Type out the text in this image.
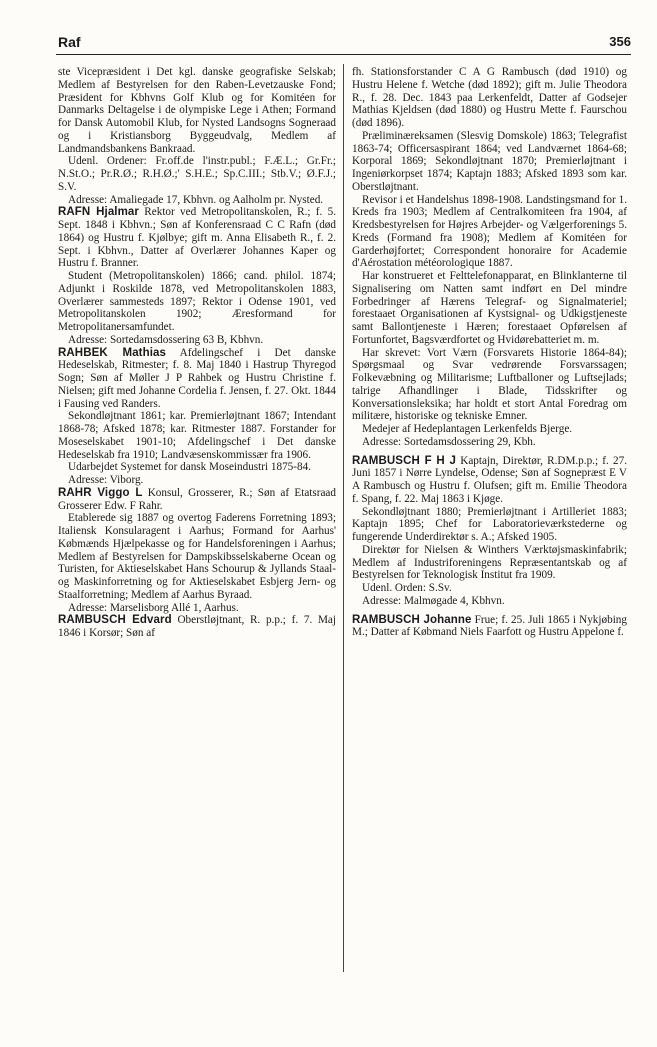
Raf	356

ste Vicepræsident i Det kgl. danske geografiske Selskab; Medlem af Bestyrelsen for den Raben-Levetzauske Fond; Præsident for Kbhvns Golf Klub og for Komitéen for Danmarks Deltagelse i de olympiske Lege i Athen; Formand for Dansk Automobil Klub, for Nysted Landsogns Sogneraad og i Kristiansborg Byggeudvalg, Medlem af Landmandsbankens Bankraad.

Udenl. Ordener: Fr.off.de l'instr.publ.; F.Æ.L.; Gr.Fr.; N.St.O.; Pr.R.Ø.; R.H.Ø.;' S.H.E.; Sp.C.III.; Stb.V.; Ø.F.J.; S.V.

Adresse: Amaliegade 17, Kbhvn. og Aalholm pr. Nysted.

RAFN Hjalmar Rektor ved Metropolitanskolen, R.; f. 5. Sept. 1848 i Kbhvn.; Søn af Konferensraad C C Rafn (død 1864) og Hustru f. Kjølbye; gift m. Anna Elisabeth R., f. 2. Sept. i Kbhvn., Datter af Overlærer Johannes Kaper og Hustru f. Branner.

Student (Metropolitanskolen) 1866; cand. philol. 1874; Adjunkt i Roskilde 1878, ved Metropolitanskolen 1883, Overlærer sammesteds 1897; Rektor i Odense 1901, ved Metropolitanskolen 1902; Æresformand for Metropolitanersamfundet.

Adresse: Sortedamsdossering 63 B, Kbhvn.

RAHBEK Mathias Afdelingschef i Det danske Hedeselskab, Ritmester; f. 8. Maj 1840 i Hastrup Thyregod Sogn; Søn af Møller J P Rahbek og Hustru Christine f. Nielsen; gift med Johanne Cordelia f. Jensen, f. 27. Okt. 1844 i Fausing ved Randers.

Sekondløjtnant 1861; kar. Premierløjtnant 1867; Intendant 1868-78; Afsked 1878; kar. Ritmester 1887. Forstander for Moseselskabet 1901-10; Afdelingschef i Det danske Hedeselskab fra 1910; Landvæsenskommissær fra 1906.

Udarbejdet Systemet for dansk Moseindustri 1875-84.

Adresse: Viborg.

RAHR Viggo L Konsul, Grosserer, R.; Søn af Etatsraad Grosserer Edw. F Rahr.

Etablerede sig 1887 og overtog Faderens Forretning 1893; Italiensk Konsularagent i Aarhus; Formand for Aarhus' Købmænds Hjælpekasse og for Handelsforeningen i Aarhus; Medlem af Bestyrelsen for Dampskibsselskaberne Ocean og Turisten, for Aktieselskabet Hans Schourup & Jyllands Staal- og Maskinforretning og for Aktieselskabet Esbjerg Jern- og Staalforretning; Medlem af Aarhus Byraad.

Adresse: Marselisborg Allé 1, Aarhus.

RAMBUSCH Edvard Oberstløjtnant, R. p.p.; f. 7. Maj 1846 i Korsør; Søn af

fh. Stationsforstander C A G Rambusch (død 1910) og Hustru Helene f. Wetche (død 1892); gift m. Julie Theodora R., f. 28. Dec. 1843 paa Lerkenfeldt, Datter af Godsejer Mathias Kjeldsen (død 1880) og Hustru Mette f. Faurschou (død 1896).

Præliminæreksamen (Slesvig Domskole) 1863; Telegrafist 1863-74; Officersaspirant 1864; ved Landværnet 1864-68; Korporal 1869; Sekondløjtnant 1870; Premierløjtnant i Ingeniørkorpset 1874; Kaptajn 1883; Afsked 1893 som kar. Oberstløjtnant.

Revisor i et Handelshus 1898-1908. Landstingsmand for 1. Kreds fra 1903; Medlem af Centralkomiteen fra 1904, af Kredsbestyrelsen for Højres Arbejder- og Vælgerforenings 5. Kreds (Formand fra 1908); Medlem af Komitéen for Garderhøjfortet; Correspondent honoraire for Academie d'Aérostation météorologique 1887.

Har konstrueret et Felttelefonapparat, en Blinklanterne til Signalisering om Natten samt indført en Del mindre Forbedringer af Hærens Telegraf- og Signalmateriel; forestaaet Organisationen af Kystsignal- og Udkigstjeneste samt Ballontjeneste i Hæren; forestaaet Opførelsen af Fortunfortet, Bagsværdfortet og Hvidørebatteriet m. m.

Har skrevet: Vort Værn (Forsvarets Historie 1864-84); Spørgsmaal og Svar vedrørende Forsvarssagen; Folkevæbning og Militarisme; Luftballoner og Luftsejlads; talrige Afhandlinger i Blade, Tidsskrifter og Konversationsleksika; har holdt et stort Antal Foredrag om militære, historiske og tekniske Emner.

Medejer af Hedeplantagen Lerkenfelds Bjerge.

Adresse: Sortedamsdossering 29, Kbh.

RAMBUSCH F H J Kaptajn, Direktør, R.DM.p.p.; f. 27. Juni 1857 i Nørre Lyndelse, Odense; Søn af Sognepræst E V A Rambusch og Hustru f. Olufsen; gift m. Emilie Theodora f. Spang, f. 22. Maj 1863 i Kjøge.

Sekondløjtnant 1880; Premierløjtnant i Artilleriet 1883; Kaptajn 1895; Chef for Laboratorieværkstederne og fungerende Underdirektør s. A.; Afsked 1905.

Direktør for Nielsen & Winthers Værktøjsmaskinfabrik; Medlem af Industriforeningens Repræsentantskab og af Bestyrelsen for Teknologisk Institut fra 1909.

Udenl. Orden: S.Sv.

Adresse: Malmøgade 4, Kbhvn.

RAMBUSCH Johanne Frue; f. 25. Juli 1865 i Nykjøbing M.; Datter af Købmand Niels Faarfott og Hustru Appelone f.
